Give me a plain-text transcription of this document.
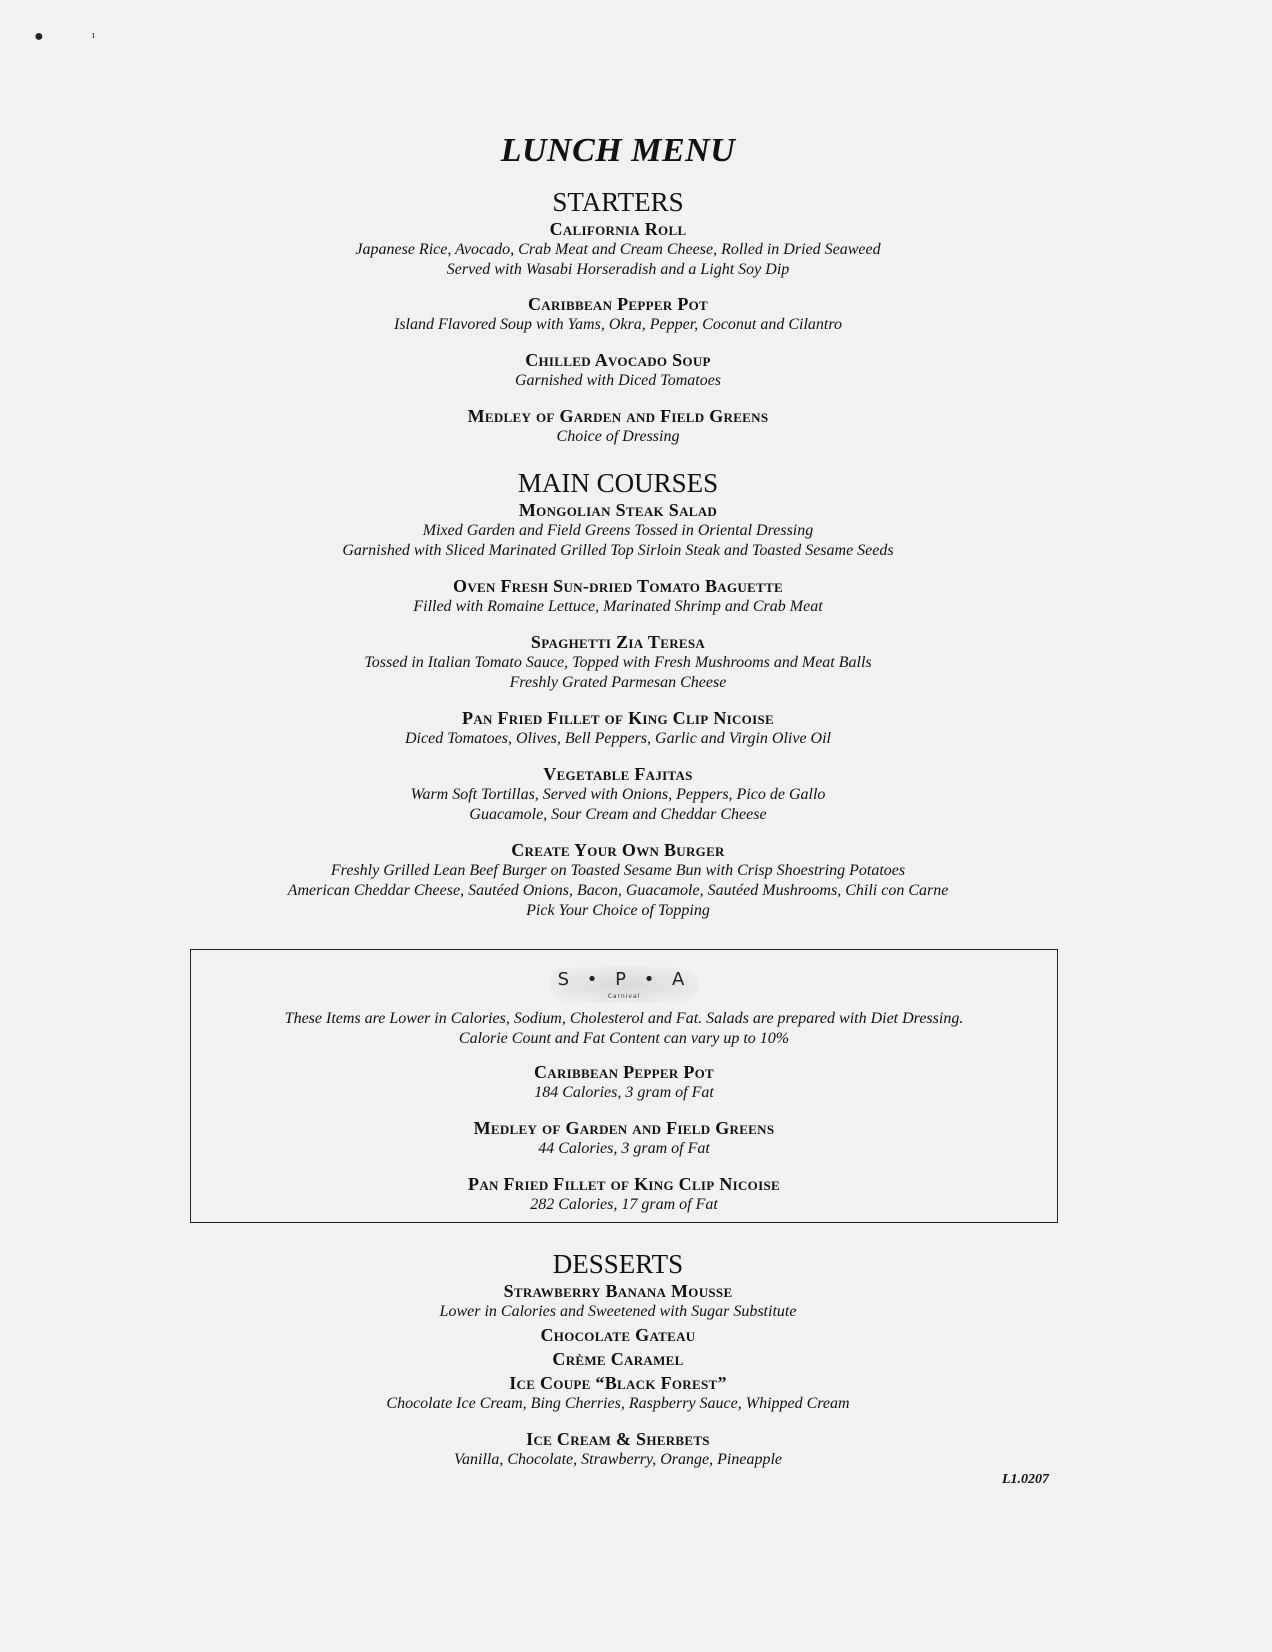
●	ı
LUNCH MENU
STARTERS

California Roll

Japanese Rice, Avocado, Crab Meat and Cream Cheese, Rolled in Dried Seaweed

Served with Wasabi Horseradish and a Light Soy Dip

Caribbean Pepper Pot

Island Flavored Soup with Yams, Okra, Pepper, Coconut and Cilantro

Chilled Avocado Soup

Garnished with Diced Tomatoes

Medley of Garden and Field Greens

Choice of Dressing

MAIN COURSES

Mongolian Steak Salad

Mixed Garden and Field Greens Tossed in Oriental Dressing

Garnished with Sliced Marinated Grilled Top Sirloin Steak and Toasted Sesame Seeds

Oven Fresh Sun-dried Tomato Baguette

Filled with Romaine Lettuce, Marinated Shrimp and Crab Meat

Spaghetti Zia Teresa

Tossed in Italian Tomato Sauce, Topped with Fresh Mushrooms and Meat Balls

Freshly Grated Parmesan Cheese

Pan Fried Fillet of King Clip Nicoise

Diced Tomatoes, Olives, Bell Peppers, Garlic and Virgin Olive Oil

Vegetable Fajitas

Warm Soft Tortillas, Served with Onions, Peppers, Pico de Gallo

Guacamole, Sour Cream and Cheddar Cheese

Create Your Own Burger

Freshly Grilled Lean Beef Burger on Toasted Sesame Bun with Crisp Shoestring Potatoes

American Cheddar Cheese, Sautéed Onions, Bacon, Guacamole, Sautéed Mushrooms, Chili con Carne

Pick Your Choice of Topping

S • P • A
Carnival

These Items are Lower in Calories, Sodium, Cholesterol and Fat. Salads are prepared with Diet Dressing.

Calorie Count and Fat Content can vary up to 10%

Caribbean Pepper Pot

184 Calories, 3 gram of Fat

Medley of Garden and Field Greens

44 Calories, 3 gram of Fat

Pan Fried Fillet of King Clip Nicoise

282 Calories, 17 gram of Fat

DESSERTS

Strawberry Banana Mousse

Lower in Calories and Sweetened with Sugar Substitute

Chocolate Gateau

Crème Caramel

Ice Coupe “Black Forest”

Chocolate Ice Cream, Bing Cherries, Raspberry Sauce, Whipped Cream

Ice Cream & Sherbets

Vanilla, Chocolate, Strawberry, Orange, Pineapple

L1.0207
